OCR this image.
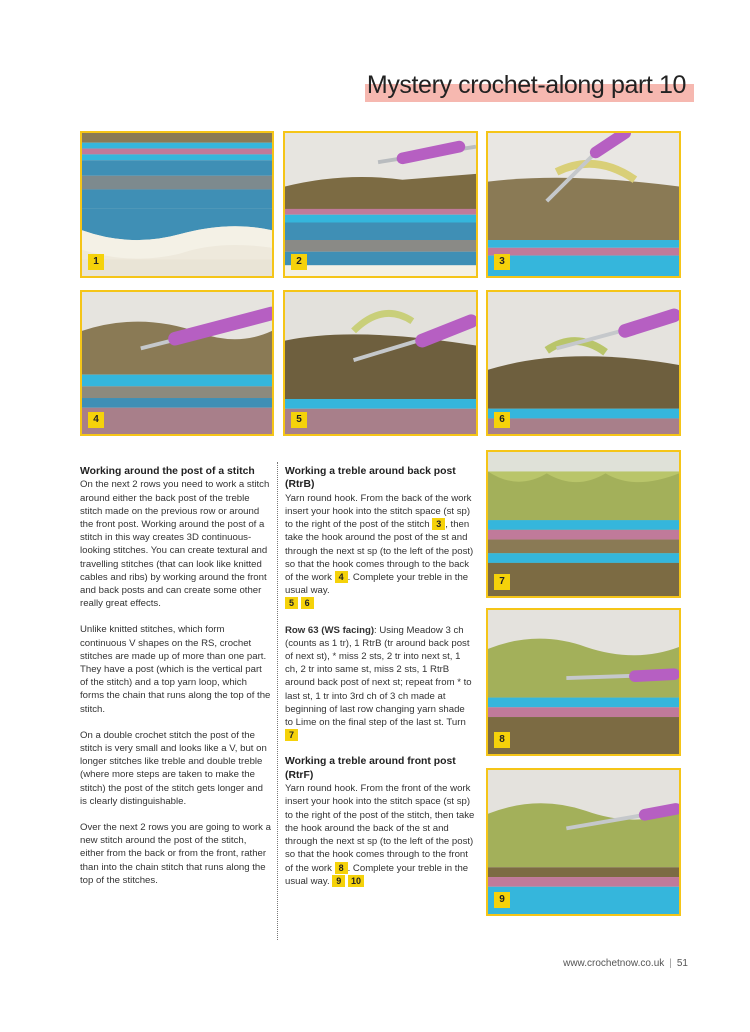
Mystery crochet-along part 10
1	2	3
4	5	6
7
8
9
Working around the post of a stitch

On the next 2 rows you need to work a stitch around either the back post of the treble stitch made on the previous row or around the front post. Working around the post of a stitch in this way creates 3D continuous-looking stitches. You can create textural and travelling stitches (that can look like knitted cables and ribs) by working around the front and back posts and can create some other really great effects.

Unlike knitted stitches, which form continuous V shapes on the RS, crochet stitches are made up of more than one part. They have a post (which is the vertical part of the stitch) and a top yarn loop, which forms the chain that runs along the top of the stitch.

On a double crochet stitch the post of the stitch is very small and looks like a V, but on longer stitches like treble and double treble (where more steps are taken to make the stitch) the post of the stitch gets longer and is clearly distinguishable.

Over the next 2 rows you are going to work a new stitch around the post of the stitch, either from the back or from the front, rather than into the chain stitch that runs along the top of the stitches.

Working a treble around back post (RtrB)

Yarn round hook. From the back of the work insert your hook into the stitch space (st sp) to the right of the post of the stitch 3 , then take the hook around the post of the st and through the next st sp (to the left of the post) so that the hook comes through to the back of the work 4 . Complete your treble in the usual way.
5 6

Row 63 (WS facing): Using Meadow 3 ch (counts as 1 tr), 1 RtrB (tr around back post of next st), * miss 2 sts, 2 tr into next st, 1 ch, 2 tr into same st, miss 2 sts, 1 RtrB around back post of next st; repeat from * to last st, 1 tr into 3rd ch of 3 ch made at beginning of last row changing yarn shade to Lime on the final step of the last st. Turn 7

Working a treble around front post (RtrF)

Yarn round hook. From the front of the work insert your hook into the stitch space (st sp) to the right of the post of the stitch, then take the hook around the back of the st and through the next st sp (to the left of the post) so that the hook comes through to the front of the work 8 . Complete your treble in the usual way. 9 10

www.crochetnow.co.uk | 51
